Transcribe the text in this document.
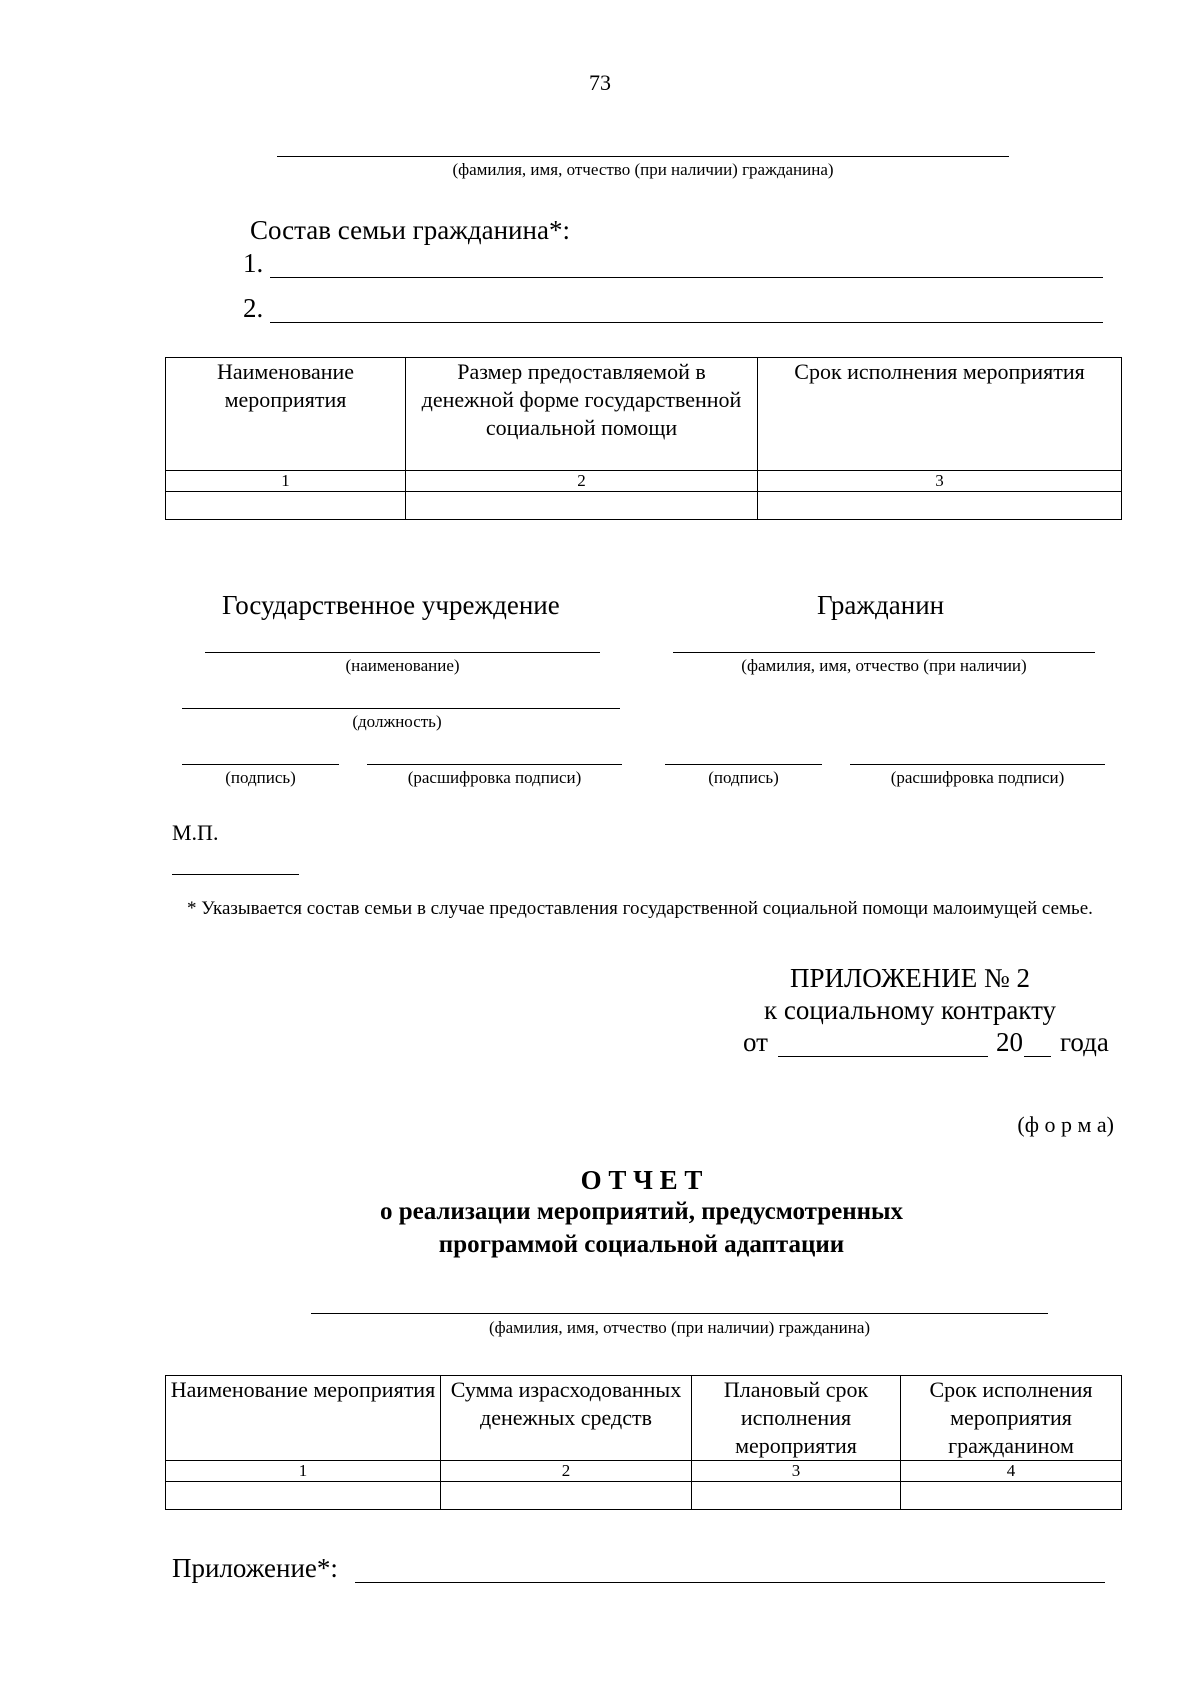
73
(фамилия, имя, отчество (при наличии) гражданина)
Состав семьи гражданина*:
1.
2.
Наименование мероприятия	Размер предоставляемой в денежной форме государственной социальной помощи	Срок исполнения мероприятия
1	2	3

Государственное учреждение	Гражданин
(наименование)	(фамилия, имя, отчество (при наличии)
(должность)
(подпись)	(расшифровка подписи)	(подпись)	(расшифровка подписи)
М.П.
* Указывается состав семьи в случае предоставления государственной социальной помощи малоимущей семье.
ПРИЛОЖЕНИЕ № 2
к социальному контракту
от	20 года
(ф о р м а)
О Т Ч Е Т
о реализации мероприятий, предусмотренных
программой социальной адаптации
(фамилия, имя, отчество (при наличии) гражданина)
Наименование мероприятия	Сумма израсходованных денежных средств	Плановый срок исполнения мероприятия	Срок исполнения мероприятия гражданином
1	2	3	4

Приложение*:
